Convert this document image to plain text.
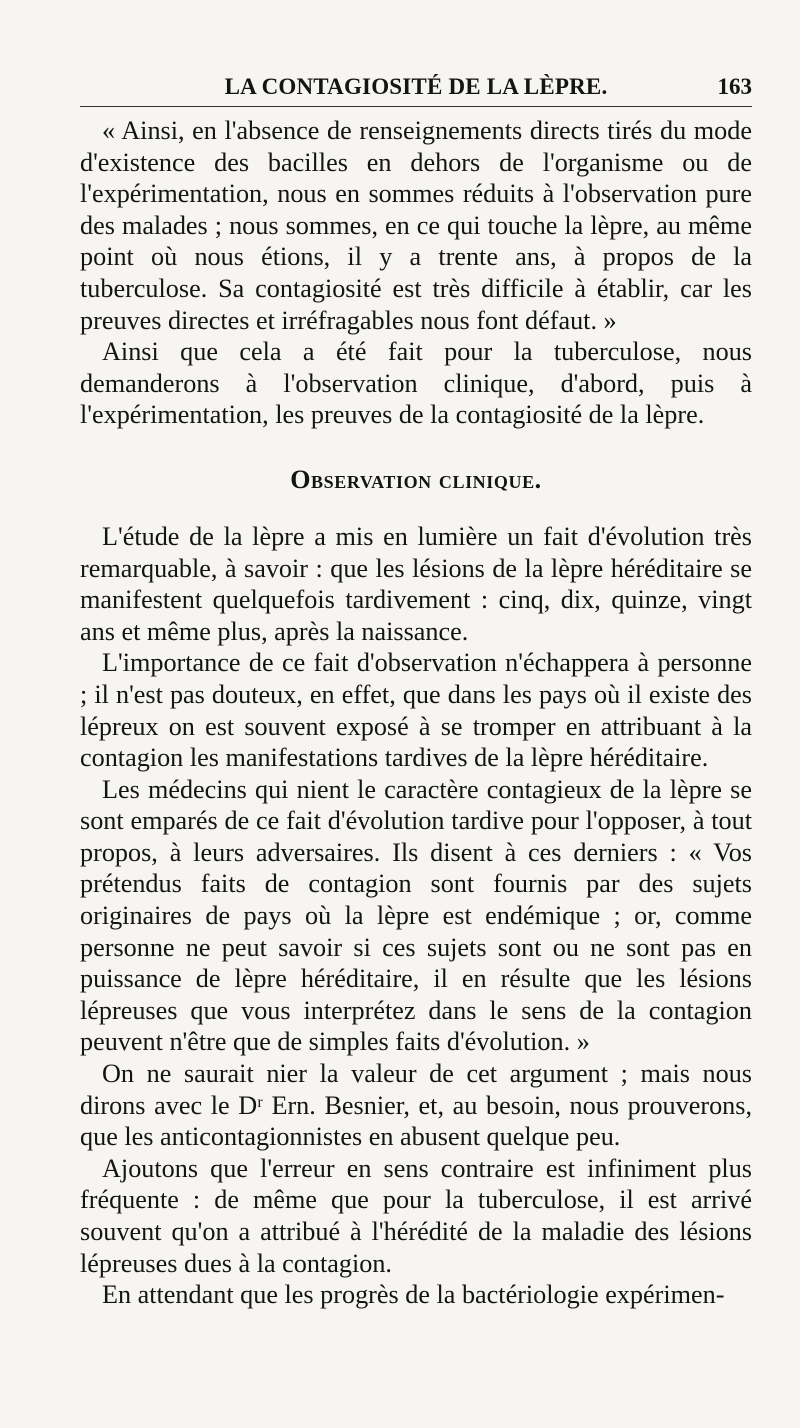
LA CONTAGIOSITÉ DE LA LÈPRE.	163

« Ainsi, en l'absence de renseignements directs tirés du mode d'existence des bacilles en dehors de l'organisme ou de l'expérimentation, nous en sommes réduits à l'observation pure des malades ; nous sommes, en ce qui touche la lèpre, au même point où nous étions, il y a trente ans, à propos de la tuberculose. Sa contagiosité est très difficile à établir, car les preuves directes et irréfragables nous font défaut. »

Ainsi que cela a été fait pour la tuberculose, nous demanderons à l'observation clinique, d'abord, puis à l'expérimentation, les preuves de la contagiosité de la lèpre.

Observation clinique.

L'étude de la lèpre a mis en lumière un fait d'évolution très remarquable, à savoir : que les lésions de la lèpre héréditaire se manifestent quelquefois tardivement : cinq, dix, quinze, vingt ans et même plus, après la naissance.

L'importance de ce fait d'observation n'échappera à personne ; il n'est pas douteux, en effet, que dans les pays où il existe des lépreux on est souvent exposé à se tromper en attribuant à la contagion les manifestations tardives de la lèpre héréditaire.

Les médecins qui nient le caractère contagieux de la lèpre se sont emparés de ce fait d'évolution tardive pour l'opposer, à tout propos, à leurs adversaires. Ils disent à ces derniers : « Vos prétendus faits de contagion sont fournis par des sujets originaires de pays où la lèpre est endémique ; or, comme personne ne peut savoir si ces sujets sont ou ne sont pas en puissance de lèpre héréditaire, il en résulte que les lésions lépreuses que vous interprétez dans le sens de la contagion peuvent n'être que de simples faits d'évolution. »

On ne saurait nier la valeur de cet argument ; mais nous dirons avec le Dʳ Ern. Besnier, et, au besoin, nous prouverons, que les anticontagionnistes en abusent quelque peu.

Ajoutons que l'erreur en sens contraire est infiniment plus fréquente : de même que pour la tuberculose, il est arrivé souvent qu'on a attribué à l'hérédité de la maladie des lésions lépreuses dues à la contagion.

En attendant que les progrès de la bactériologie expérimen-
